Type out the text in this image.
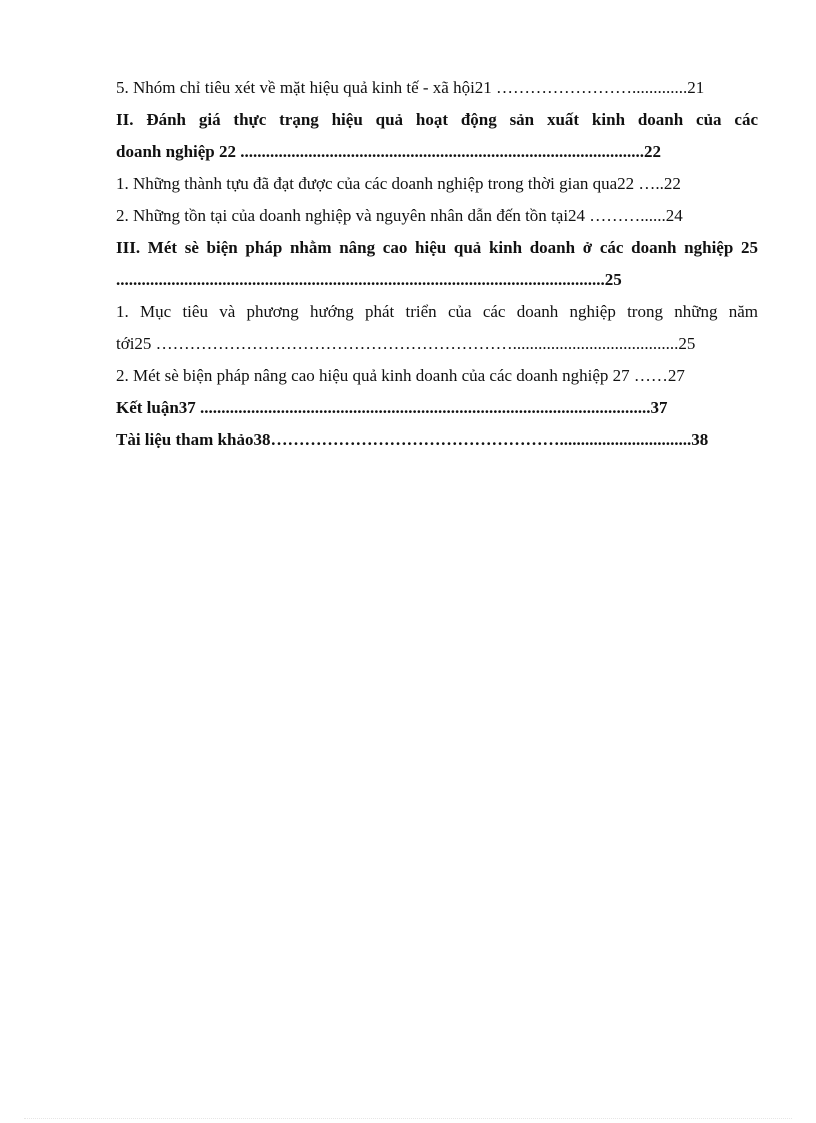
5. Nhóm chỉ tiêu xét về mặt hiệu quả kinh tế - xã hội21 …………………….............21

II. Đánh giá thực trạng hiệu quả hoạt động sản xuất kinh doanh của các
doanh nghiệp 22 ...............................................................................................22

1. Những thành tựu đã đạt được của các doanh nghiệp trong thời gian qua22 …..22

2. Những tồn tại của doanh nghiệp và nguyên nhân dẫn đến tồn tại24 ………......24

III. Mét sè biện pháp nhằm nâng cao hiệu quả kinh doanh ở các doanh nghiệp 25
...................................................................................................................25

1. Mục tiêu và phương hướng phát triển của các doanh nghiệp trong những năm
tới25 ……………………………………………………….......................................25

2. Mét sè biện pháp nâng cao hiệu quả kinh doanh của các doanh nghiệp 27 ……27

Kết luận37 ..........................................................................................................37

Tài liệu tham khảo38……………………………………………...............................38
